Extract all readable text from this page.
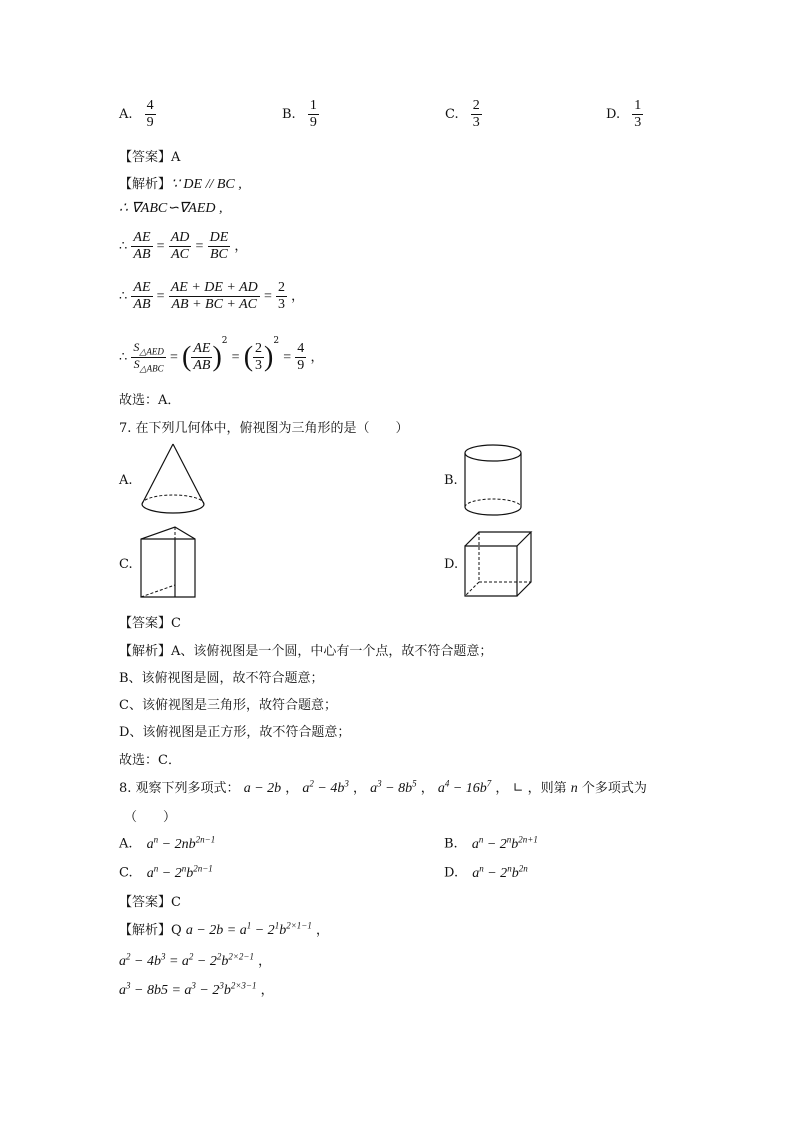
A. $\frac{4}{9}$	B. $\frac{1}{9}$	C. $\frac{2}{3}$	D. $\frac{1}{3}$
【答案】A
【解析】∵ DE // BC ,
∴ ∇ABC∽∇AED ,
∴ $\frac{AE}{AB} = \frac{AD}{AC} = \frac{DE}{BC}$ ，
∴ $\frac{AE}{AB} = \frac{AE + DE + AD}{AB + BC + AC} = \frac{2}{3}$ ，
∴ $\frac{S_{\triangle AED}}{S_{\triangle ABC}}$ = ( $\frac{AE}{AB} )^2$ = ( $\frac{2}{3} )^2 = \frac{4}{9}$ ，
故选：A．
7. 在下列几何体中，俯视图为三角形的是（　　）
A.	B.
C.	D.
【答案】C
【解析】A、该俯视图是一个圆，中心有一个点，故不符合题意；
B、该俯视图是圆，故不符合题意；
C、该俯视图是三角形，故符合题意；
D、该俯视图是正方形，故不符合题意；
故选：C．
8. 观察下列多项式： a − 2b ， $a^2 - 4b^3$ ， $a^3 - 8b^5$ ， $a^4 - 16b^7$ ， ∟ ，则第 n 个多项式为
（　　）
A. $a^n - 2nb^{2n-1}$	B. $a^n - 2^nb^{2n+1}$
C. $a^n - 2^nb^{2n-1}$	D. $a^n - 2^nb^{2n}$
【答案】C
【解析】Q $a - 2b = a^1 - 2^1b^{2\times 1-1}$ ，
$a^2 - 4b^3 = a^2 - 2^2b^{2\times 2-1}$ ，
$a^3 - 8b5 = a^3 - 2^3b^{2\times 3-1}$ ，
